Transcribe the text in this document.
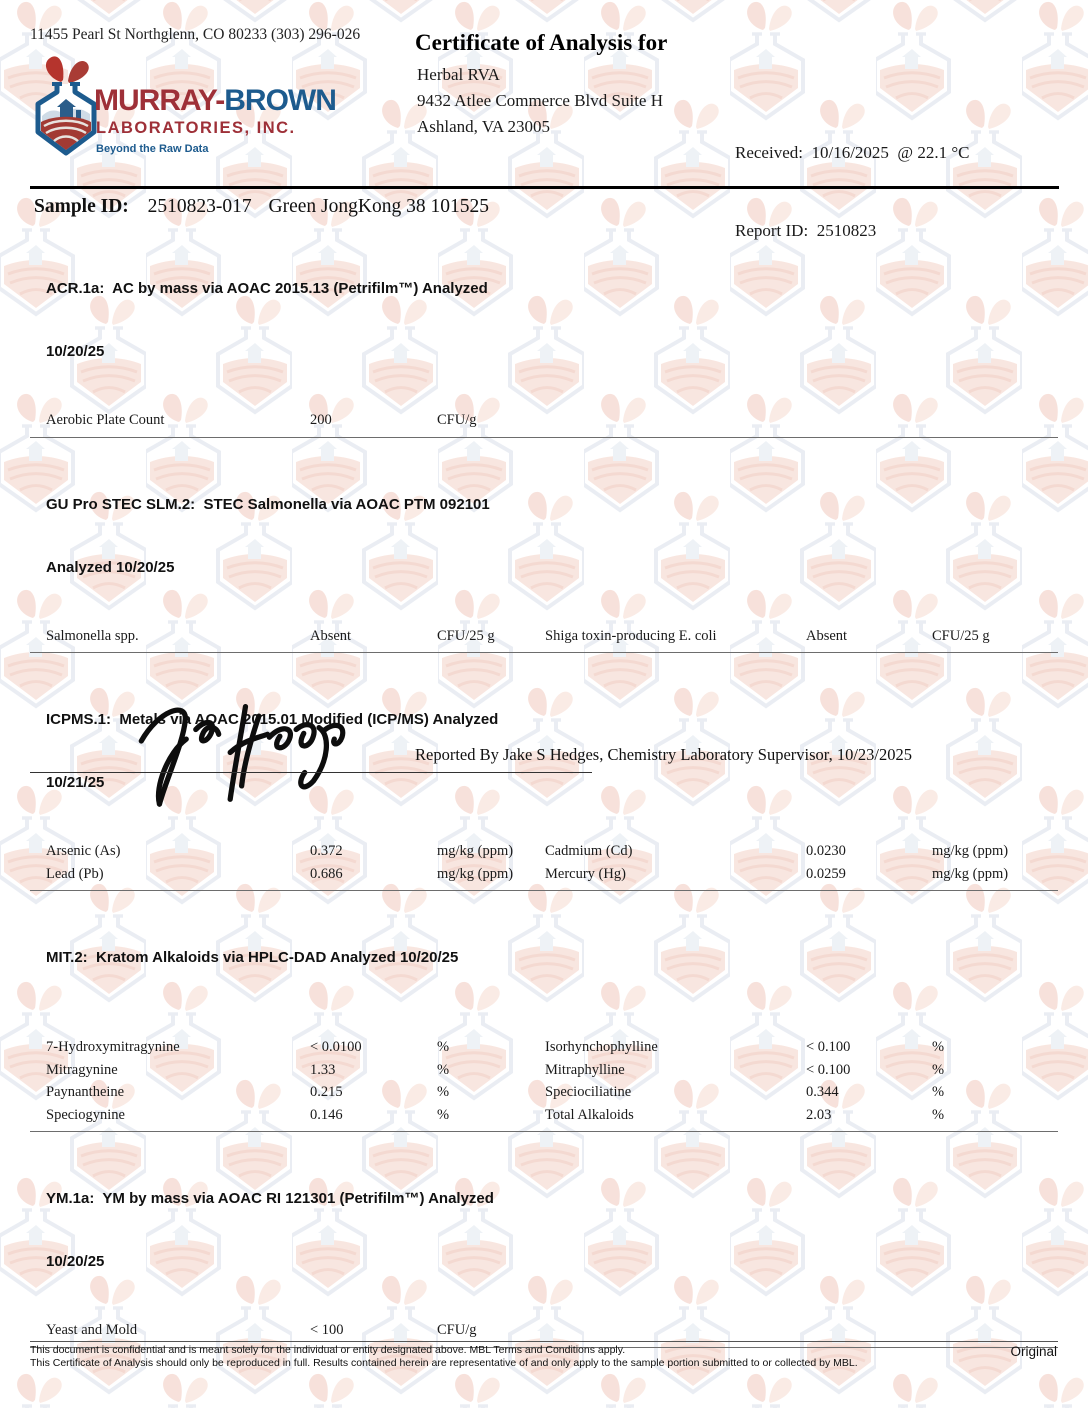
11455 Pearl St Northglenn, CO 80233 (303) 296-026
MURRAY-BROWN
LABORATORIES, INC.
Beyond the Raw Data
Certificate of Analysis for
Herbal RVA
9432 Atlee Commerce Blvd Suite H
Ashland, VA 23005

Received: 10/16/2025  @ 22.1 °C

Report ID: 2510823

Sample ID: 2510823-017 Green JongKong 38 101525

ACR.1a:  AC by mass via AOAC 2015.13 (Petrifilm™) Analyzed

10/20/25

Aerobic Plate Count	200	CFU/g

GU Pro STEC SLM.2:  STEC Salmonella via AOAC PTM 092101

Analyzed 10/20/25

Salmonella spp.	Absent	CFU/25 g	Shiga toxin-producing E. coli	Absent	CFU/25 g

ICPMS.1:  Metals via AOAC 2015.01 Modified (ICP/MS) Analyzed

10/21/25

Arsenic (As)	0.372	mg/kg (ppm)	Cadmium (Cd)	0.0230	mg/kg (ppm)
Lead (Pb)	0.686	mg/kg (ppm)	Mercury (Hg)	0.0259	mg/kg (ppm)

MIT.2:  Kratom Alkaloids via HPLC-DAD Analyzed 10/20/25

7-Hydroxymitragynine	< 0.0100	%	Isorhynchophylline	< 0.100	%
Mitragynine	1.33	%	Mitraphylline	< 0.100	%
Paynantheine	0.215	%	Speciociliatine	0.344	%
Speciogynine	0.146	%	Total Alkaloids	2.03	%

YM.1a:  YM by mass via AOAC RI 121301 (Petrifilm™) Analyzed

10/20/25

Yeast and Mold	< 100	CFU/g
Reported By Jake S Hedges, Chemistry Laboratory Supervisor, 10/23/2025
This document is confidential and is meant solely for the individual or entity designated above. MBL Terms and Conditions apply.
This Certificate of Analysis should only be reproduced in full. Results contained herein are representative of and only apply to the sample portion submitted to or collected by MBL.
Original
